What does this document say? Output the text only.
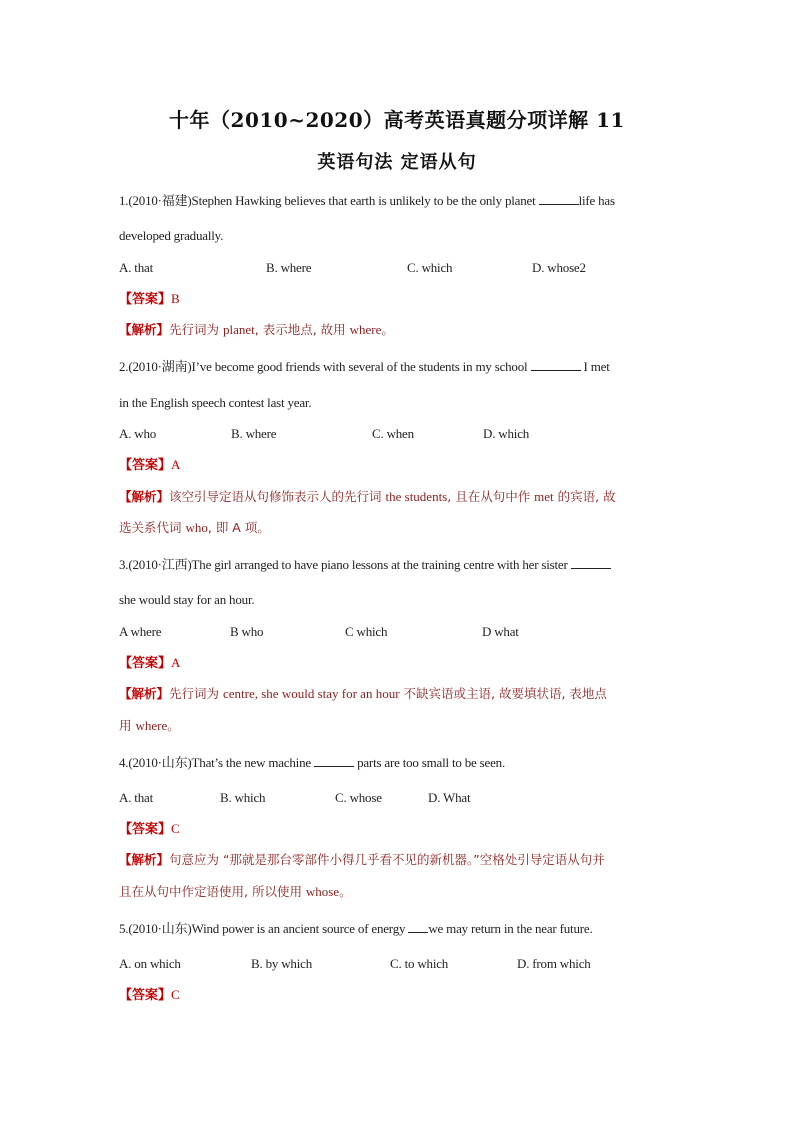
十年（2010~2020）高考英语真题分项详解 11
英语句法 定语从句
1.(2010·福建)Stephen Hawking believes that earth is unlikely to be the only planet	life has
developed gradually.
A. that	B. where	C. which	D. whose2
【答案】B
【解析】先行词为 planet, 表示地点, 故用 where。
2.(2010·湖南)I’ve become good friends with several of the students in my school	I met
in the English speech contest last year.
A. who	B. where	C. when	D. which
【答案】A
【解析】该空引导定语从句修饰表示人的先行词 the students, 且在从句中作 met 的宾语, 故
选关系代词 who, 即 A 项。
3.(2010·江西)The girl arranged to have piano lessons at the training centre with her sister
she would stay for an hour.
A where	B who	C which	D what
【答案】A
【解析】先行词为 centre, she would stay for an hour 不缺宾语或主语, 故要填状语, 表地点
用 where。
4.(2010·山东)That’s the new machine	parts are too small to be seen.
A. that	B. which	C. whose	D. What
【答案】C
【解析】句意应为 “那就是那台零部件小得几乎看不见的新机器。”空格处引导定语从句并
且在从句中作定语使用, 所以使用 whose。
5.(2010·山东)Wind power is an ancient source of energy we may return in the near future.
A. on which	B. by which	C. to which	D. from which
【答案】C
